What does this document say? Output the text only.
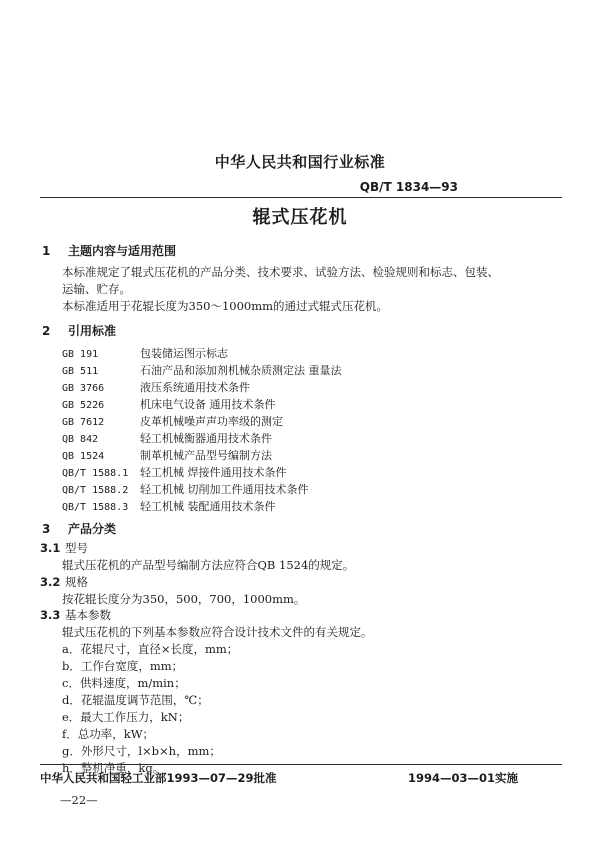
中华人民共和国行业标准
QB/T 1834—93
辊式压花机
1 主题内容与适用范围
本标准规定了辊式压花机的产品分类、技术要求、试验方法、检验规则和标志、包装、
运输、贮存。
本标准适用于花辊长度为350～1000mm的通过式辊式压花机。
2 引用标准
GB 191	包装储运图示标志
GB 511	石油产品和添加剂机械杂质测定法 重量法
GB 3766	液压系统通用技术条件
GB 5226	机床电气设备 通用技术条件
GB 7612	皮革机械噪声声功率级的测定
QB 842	轻工机械衡器通用技术条件
QB 1524	制革机械产品型号编制方法
QB/T 1588.1 轻工机械 焊接件通用技术条件
QB/T 1588.2 轻工机械 切削加工件通用技术条件
QB/T 1588.3 轻工机械 装配通用技术条件
3 产品分类
3.1 型号
辊式压花机的产品型号编制方法应符合QB 1524的规定。
3.2 规格
按花辊长度分为350，500，700，1000mm。
3.3 基本参数
辊式压花机的下列基本参数应符合设计技术文件的有关规定。
a．花辊尺寸，直径×长度，mm；
b．工作台宽度，mm；
c．供料速度，m/min；
d．花辊温度调节范围，℃；
e．最大工作压力，kN；
f．总功率，kW；
g．外形尺寸，l×b×h，mm；
h．整机净重，kg。
中华人民共和国轻工业部1993—07—29批准	1994—03—01实施
—22—
